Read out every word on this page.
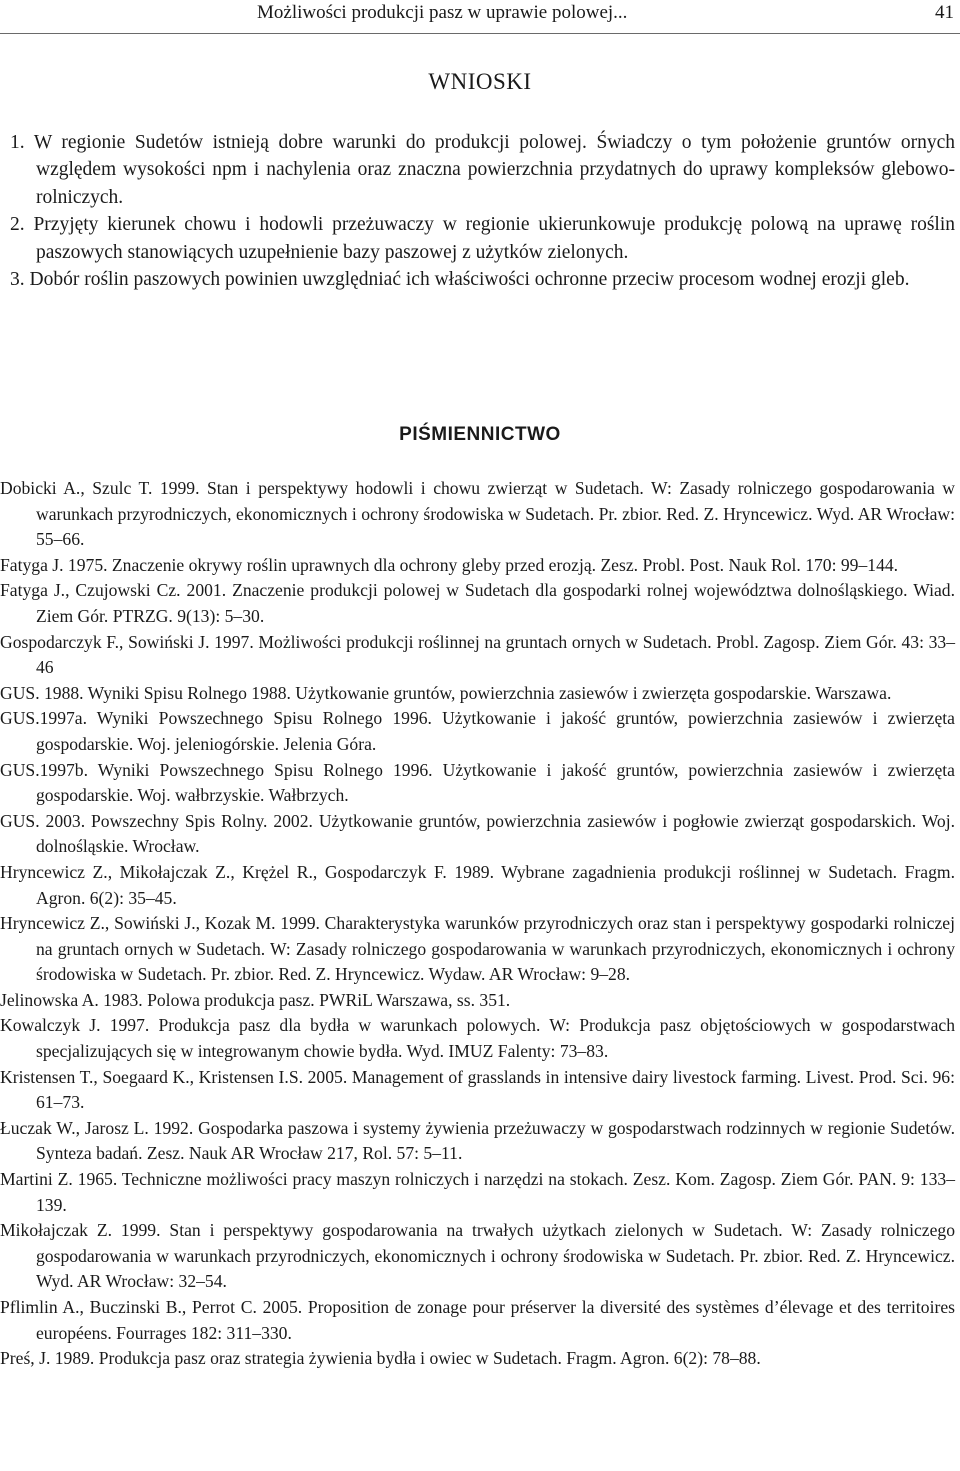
Możliwości produkcji pasz w uprawie polowej...	41
WNIOSKI
1. W regionie Sudetów istnieją dobre warunki do produkcji polowej. Świadczy o tym położenie gruntów ornych względem wysokości npm i nachylenia oraz znaczna powierzchnia przydatnych do uprawy kompleksów glebowo-rolniczych.
2. Przyjęty kierunek chowu i hodowli przeżuwaczy w regionie ukierunkowuje produkcję polową na uprawę roślin paszowych stanowiących uzupełnienie bazy paszowej z użytków zielonych.
3. Dobór roślin paszowych powinien uwzględniać ich właściwości ochronne przeciw procesom wodnej erozji gleb.
PIŚMIENNICTWO
Dobicki A., Szulc T. 1999. Stan i perspektywy hodowli i chowu zwierząt w Sudetach. W: Zasady rolniczego gospodarowania w warunkach przyrodniczych, ekonomicznych i ochrony środowiska w Sudetach. Pr. zbior. Red. Z. Hryncewicz. Wyd. AR Wrocław: 55–66.
Fatyga J. 1975. Znaczenie okrywy roślin uprawnych dla ochrony gleby przed erozją. Zesz. Probl. Post. Nauk Rol. 170: 99–144.
Fatyga J., Czujowski Cz. 2001. Znaczenie produkcji polowej w Sudetach dla gospodarki rolnej województwa dolnośląskiego. Wiad. Ziem Gór. PTRZG. 9(13): 5–30.
Gospodarczyk F., Sowiński J. 1997. Możliwości produkcji roślinnej na gruntach ornych w Sudetach. Probl. Zagosp. Ziem Gór. 43: 33–46
GUS. 1988. Wyniki Spisu Rolnego 1988. Użytkowanie gruntów, powierzchnia zasiewów i zwierzęta gospodarskie. Warszawa.
GUS.1997a. Wyniki Powszechnego Spisu Rolnego 1996. Użytkowanie i jakość gruntów, powierzchnia zasiewów i zwierzęta gospodarskie. Woj. jeleniogórskie. Jelenia Góra.
GUS.1997b. Wyniki Powszechnego Spisu Rolnego 1996. Użytkowanie i jakość gruntów, powierzchnia zasiewów i zwierzęta gospodarskie. Woj. wałbrzyskie. Wałbrzych.
GUS. 2003. Powszechny Spis Rolny. 2002. Użytkowanie gruntów, powierzchnia zasiewów i pogłowie zwierząt gospodarskich. Woj. dolnośląskie. Wrocław.
Hryncewicz Z., Mikołajczak Z., Krężel R., Gospodarczyk F. 1989. Wybrane zagadnienia produkcji roślinnej w Sudetach. Fragm. Agron. 6(2): 35–45.
Hryncewicz Z., Sowiński J., Kozak M. 1999. Charakterystyka warunków przyrodniczych oraz stan i perspektywy gospodarki rolniczej na gruntach ornych w Sudetach. W: Zasady rolniczego gospodarowania w warunkach przyrodniczych, ekonomicznych i ochrony środowiska w Sudetach. Pr. zbior. Red. Z. Hryncewicz. Wydaw. AR Wrocław: 9–28.
Jelinowska A. 1983. Polowa produkcja pasz. PWRiL Warszawa, ss. 351.
Kowalczyk J. 1997. Produkcja pasz dla bydła w warunkach polowych. W: Produkcja pasz objętościowych w gospodarstwach specjalizujących się w integrowanym chowie bydła. Wyd. IMUZ Falenty: 73–83.
Kristensen T., Soegaard K., Kristensen I.S. 2005. Management of grasslands in intensive dairy livestock farming. Livest. Prod. Sci. 96: 61–73.
Łuczak W., Jarosz L. 1992. Gospodarka paszowa i systemy żywienia przeżuwaczy w gospodarstwach rodzinnych w regionie Sudetów. Synteza badań. Zesz. Nauk AR Wrocław 217, Rol. 57: 5–11.
Martini Z. 1965. Techniczne możliwości pracy maszyn rolniczych i narzędzi na stokach. Zesz. Kom. Zagosp. Ziem Gór. PAN. 9: 133–139.
Mikołajczak Z. 1999. Stan i perspektywy gospodarowania na trwałych użytkach zielonych w Sudetach. W: Zasady rolniczego gospodarowania w warunkach przyrodniczych, ekonomicznych i ochrony środowiska w Sudetach. Pr. zbior. Red. Z. Hryncewicz. Wyd. AR Wrocław: 32–54.
Pflimlin A., Buczinski B., Perrot C. 2005. Proposition de zonage pour préserver la diversité des systèmes d’élevage et des territoires européens. Fourrages 182: 311–330.
Preś, J. 1989. Produkcja pasz oraz strategia żywienia bydła i owiec w Sudetach. Fragm. Agron. 6(2): 78–88.
